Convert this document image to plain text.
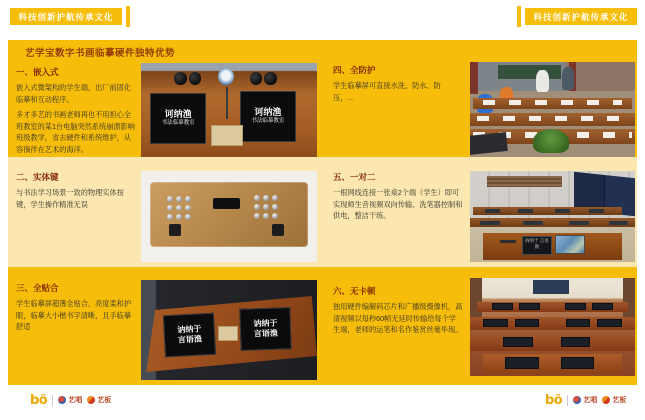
科技创新护航传承文化	科技创新护航传承文化
艺学宝数字书画临摹硬件独特优势
一、嵌入式

嵌入式微架构的学生端，出厂前固化临摹和互动程序。

多才多艺的书画老师再也不用担心全班教室的某1台电脑突然系统崩溃影响班级教学，省去硬件和系统维护，从容徜徉在艺术的海洋。

二、实体键

与书法学习场景一致的物理实体按键，学生操作精准无误

三、全贴合

学生临摹屏超薄全贴合，亮度柔和护眼，临摹大小楷书字清晰，且手临摹舒适

四、全防护

学生临摹屏可直接水洗，防水、防压，…

五、一对二

一根网线连接一张桌2个端（学生）即可实现师生音视频双向传输、洗笔器控制和供电，整洁干练。

六、无卡顿

独用硬件编解码芯片和广播级摄像机，高清视频以每秒60帧无延时传输给每个学生端，老师的运笔和名作鉴赏丝毫毕现。

诃纳渔
书法临摹教室
诃纳渔
书法临摹教室
讷纳于
言语渔
讷纳于
言语渔
讷纳于 言语渔
bö	艺唱 艺板	bö	艺唱 艺板
